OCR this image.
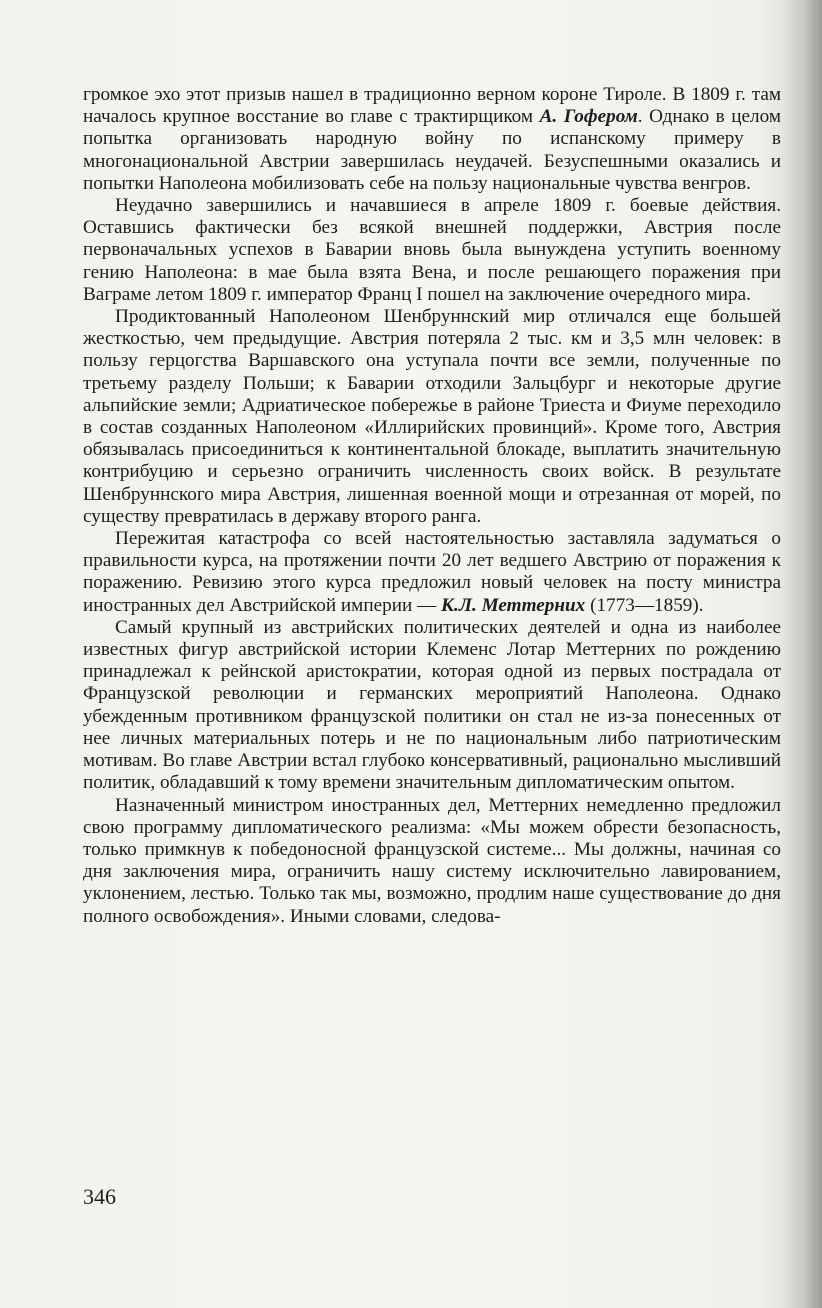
громкое эхо этот призыв нашел в традиционно верном короне Тироле. В 1809 г. там началось крупное восстание во главе с трактирщиком А. Гофером. Однако в целом попытка организовать народную войну по испанскому примеру в многонациональной Австрии завершилась неудачей. Безуспешными оказались и попытки Наполеона мобилизовать себе на пользу национальные чувства венгров.

Неудачно завершились и начавшиеся в апреле 1809 г. боевые действия. Оставшись фактически без всякой внешней поддержки, Австрия после первоначальных успехов в Баварии вновь была вынуждена уступить военному гению Наполеона: в мае была взята Вена, и после решающего поражения при Ваграме летом 1809 г. император Франц I пошел на заключение очередного мира.

Продиктованный Наполеоном Шенбруннский мир отличался еще большей жесткостью, чем предыдущие. Австрия потеряла 2 тыс. км и 3,5 млн человек: в пользу герцогства Варшавского она уступала почти все земли, полученные по третьему разделу Польши; к Баварии отходили Зальцбург и некоторые другие альпийские земли; Адриатическое побережье в районе Триеста и Фиуме переходило в состав созданных Наполеоном «Иллирийских провинций». Кроме того, Австрия обязывалась присоединиться к континентальной блокаде, выплатить значительную контрибуцию и серьезно ограничить численность своих войск. В результате Шенбруннского мира Австрия, лишенная военной мощи и отрезанная от морей, по существу превратилась в державу второго ранга.

Пережитая катастрофа со всей настоятельностью заставляла задуматься о правильности курса, на протяжении почти 20 лет ведшего Австрию от поражения к поражению. Ревизию этого курса предложил новый человек на посту министра иностранных дел Австрийской империи — К.Л. Меттерних (1773—1859).

Самый крупный из австрийских политических деятелей и одна из наиболее известных фигур австрийской истории Клеменс Лотар Меттерних по рождению принадлежал к рейнской аристократии, которая одной из первых пострадала от Французской революции и германских мероприятий Наполеона. Однако убежденным противником французской политики он стал не из-за понесенных от нее личных материальных потерь и не по национальным либо патриотическим мотивам. Во главе Австрии встал глубоко консервативный, рационально мысливший политик, обладавший к тому времени значительным дипломатическим опытом.

Назначенный министром иностранных дел, Меттерних немедленно предложил свою программу дипломатического реализма: «Мы можем обрести безопасность, только примкнув к победоносной французской системе... Мы должны, начиная со дня заключения мира, ограничить нашу систему исключительно лавированием, уклонением, лестью. Только так мы, возможно, продлим наше существование до дня полного освобождения». Иными словами, следова-

346
